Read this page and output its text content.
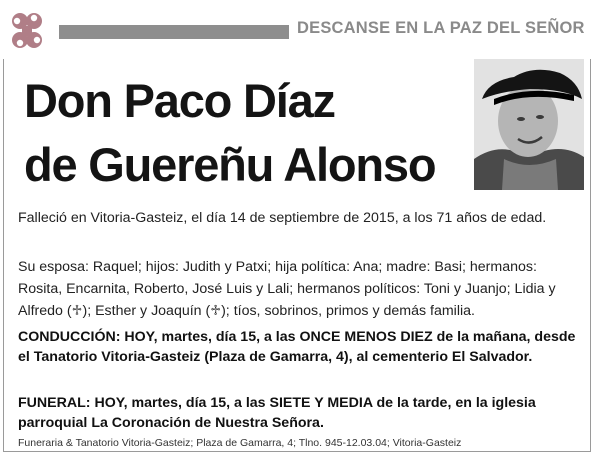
DESCANSE EN LA PAZ DEL SEÑOR
Don Paco Díaz
de Guereñu Alonso
Falleció en Vitoria-Gasteiz, el día 14 de septiembre de 2015, a los 71 años de edad.
Su esposa: Raquel; hijos: Judith y Patxi; hija política: Ana; madre: Basi; hermanos: Rosita, Encarnita, Roberto, José Luis y Lali; hermanos políticos: Toni y Juanjo; Lidia y Alfredo (♱); Esther y Joaquín (♱); tíos, sobrinos, primos y demás familia.
CONDUCCIÓN: HOY, martes, día 15, a las ONCE MENOS DIEZ de la mañana, desde el Tanatorio Vitoria-Gasteiz (Plaza de Gamarra, 4), al cementerio El Salvador.
FUNERAL: HOY, martes, día 15, a las SIETE Y MEDIA de la tarde, en la iglesia parroquial La Coronación de Nuestra Señora.
Funeraria & Tanatorio Vitoria-Gasteiz; Plaza de Gamarra, 4; Tlno. 945-12.03.04; Vitoria-Gasteiz
